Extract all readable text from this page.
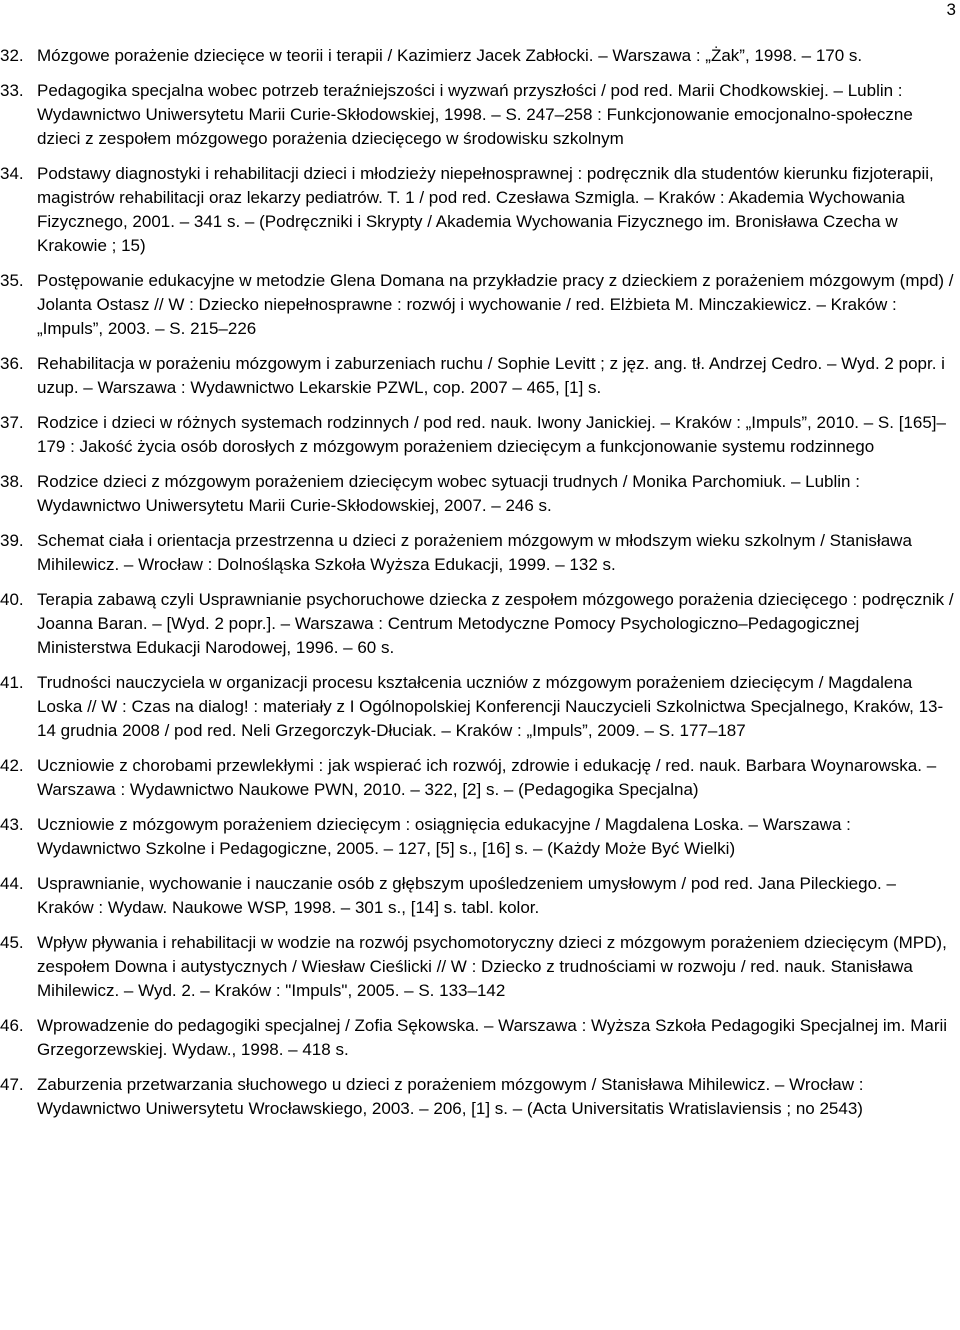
3
32. Mózgowe porażenie dziecięce w teorii i terapii / Kazimierz Jacek Zabłocki. – Warszawa : „Żak”, 1998. – 170 s.
33. Pedagogika specjalna wobec potrzeb teraźniejszości i wyzwań przyszłości / pod red. Marii Chodkowskiej. – Lublin : Wydawnictwo Uniwersytetu Marii Curie-Skłodowskiej, 1998. – S. 247–258 : Funkcjonowanie emocjonalno-społeczne dzieci z zespołem mózgowego porażenia dziecięcego w środowisku szkolnym
34. Podstawy diagnostyki i rehabilitacji dzieci i młodzieży niepełnosprawnej : podręcznik dla studentów kierunku fizjoterapii, magistrów rehabilitacji oraz lekarzy pediatrów. T. 1 / pod red. Czesława Szmigla. – Kraków : Akademia Wychowania Fizycznego, 2001. – 341 s. – (Podręczniki i Skrypty / Akademia Wychowania Fizycznego im. Bronisława Czecha w Krakowie ; 15)
35. Postępowanie edukacyjne w metodzie Glena Domana na przykładzie pracy z dzieckiem z porażeniem mózgowym (mpd) / Jolanta Ostasz // W : Dziecko niepełnosprawne : rozwój i wychowanie / red. Elżbieta M. Minczakiewicz. – Kraków : „Impuls”, 2003. – S. 215–226
36. Rehabilitacja w porażeniu mózgowym i zaburzeniach ruchu / Sophie Levitt ; z jęz. ang. tł. Andrzej Cedro. – Wyd. 2 popr. i uzup. – Warszawa : Wydawnictwo Lekarskie PZWL, cop. 2007 – 465, [1] s.
37. Rodzice i dzieci w różnych systemach rodzinnych / pod red. nauk. Iwony Janickiej. – Kraków : „Impuls”, 2010. – S. [165]–179 : Jakość życia osób dorosłych z mózgowym porażeniem dziecięcym a funkcjonowanie systemu rodzinnego
38. Rodzice dzieci z mózgowym porażeniem dziecięcym wobec sytuacji trudnych / Monika Parchomiuk. – Lublin : Wydawnictwo Uniwersytetu Marii Curie-Skłodowskiej, 2007. – 246 s.
39. Schemat ciała i orientacja przestrzenna u dzieci z porażeniem mózgowym w młodszym wieku szkolnym / Stanisława Mihilewicz. – Wrocław : Dolnośląska Szkoła Wyższa Edukacji, 1999. – 132 s.
40. Terapia zabawą czyli Usprawnianie psychoruchowe dziecka z zespołem mózgowego porażenia dziecięcego : podręcznik / Joanna Baran. – [Wyd. 2 popr.]. – Warszawa : Centrum Metodyczne Pomocy Psychologiczno–Pedagogicznej Ministerstwa Edukacji Narodowej, 1996. – 60 s.
41. Trudności nauczyciela w organizacji procesu kształcenia uczniów z mózgowym porażeniem dziecięcym / Magdalena Loska // W : Czas na dialog! : materiały z I Ogólnopolskiej Konferencji Nauczycieli Szkolnictwa Specjalnego, Kraków, 13-14 grudnia 2008 / pod red. Neli Grzegorczyk-Dłuciak. – Kraków : „Impuls”, 2009. – S. 177–187
42. Uczniowie z chorobami przewlekłymi : jak wspierać ich rozwój, zdrowie i edukację / red. nauk. Barbara Woynarowska. – Warszawa : Wydawnictwo Naukowe PWN, 2010. – 322, [2] s. – (Pedagogika Specjalna)
43. Uczniowie z mózgowym porażeniem dziecięcym : osiągnięcia edukacyjne / Magdalena Loska. – Warszawa : Wydawnictwo Szkolne i Pedagogiczne, 2005. – 127, [5] s., [16] s. – (Każdy Może Być Wielki)
44. Usprawnianie, wychowanie i nauczanie osób z głębszym upośledzeniem umysłowym / pod red. Jana Pileckiego. – Kraków : Wydaw. Naukowe WSP, 1998. – 301 s., [14] s. tabl. kolor.
45. Wpływ pływania i rehabilitacji w wodzie na rozwój psychomotoryczny dzieci z mózgowym porażeniem dziecięcym (MPD), zespołem Downa i autystycznych / Wiesław Cieślicki // W : Dziecko z trudnościami w rozwoju / red. nauk. Stanisława Mihilewicz. – Wyd. 2. – Kraków : "Impuls", 2005. – S. 133–142
46. Wprowadzenie do pedagogiki specjalnej / Zofia Sękowska. – Warszawa : Wyższa Szkoła Pedagogiki Specjalnej im. Marii Grzegorzewskiej. Wydaw., 1998. – 418 s.
47. Zaburzenia przetwarzania słuchowego u dzieci z porażeniem mózgowym / Stanisława Mihilewicz. – Wrocław : Wydawnictwo Uniwersytetu Wrocławskiego, 2003. – 206, [1] s. – (Acta Universitatis Wratislaviensis ; no 2543)
